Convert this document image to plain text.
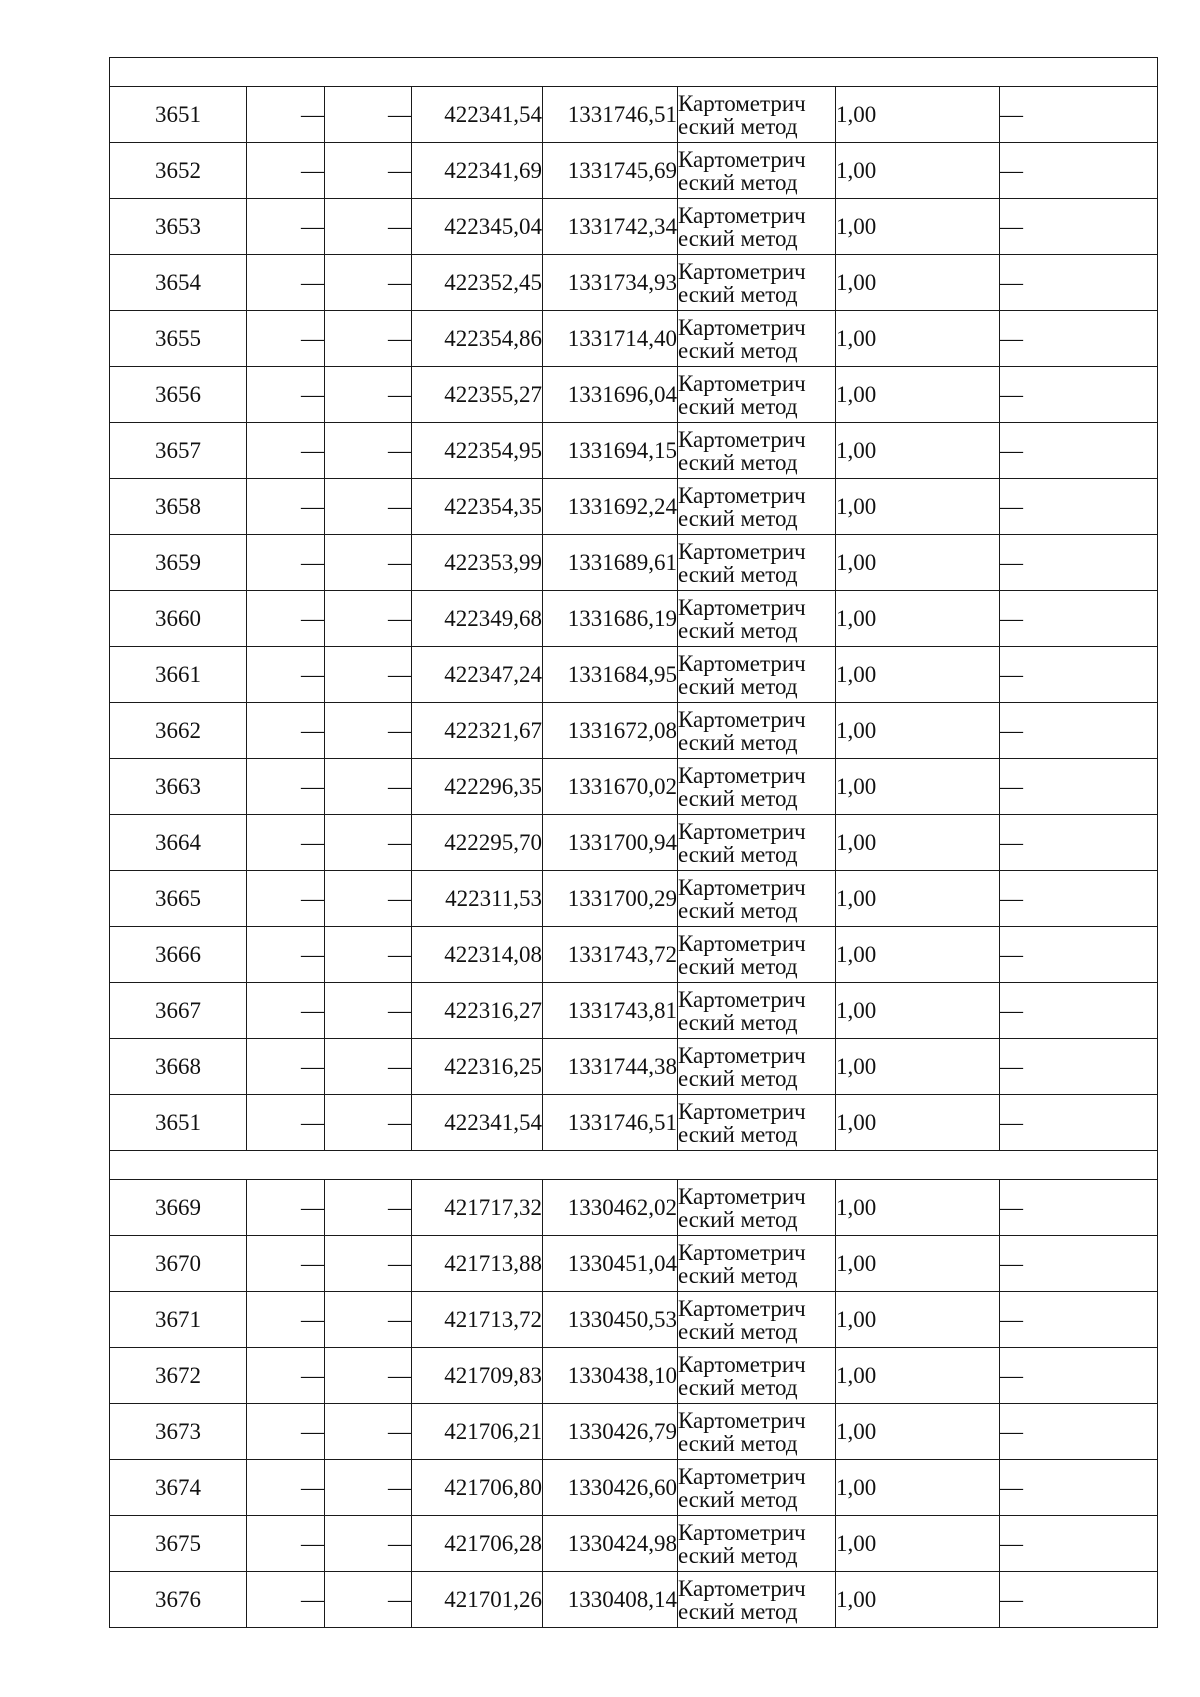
3651	—	—	422341,54	1331746,51	Картометрич
еский метод	1,00	—
3652	—	—	422341,69	1331745,69	Картометрич
еский метод	1,00	—
3653	—	—	422345,04	1331742,34	Картометрич
еский метод	1,00	—
3654	—	—	422352,45	1331734,93	Картометрич
еский метод	1,00	—
3655	—	—	422354,86	1331714,40	Картометрич
еский метод	1,00	—
3656	—	—	422355,27	1331696,04	Картометрич
еский метод	1,00	—
3657	—	—	422354,95	1331694,15	Картометрич
еский метод	1,00	—
3658	—	—	422354,35	1331692,24	Картометрич
еский метод	1,00	—
3659	—	—	422353,99	1331689,61	Картометрич
еский метод	1,00	—
3660	—	—	422349,68	1331686,19	Картометрич
еский метод	1,00	—
3661	—	—	422347,24	1331684,95	Картометрич
еский метод	1,00	—
3662	—	—	422321,67	1331672,08	Картометрич
еский метод	1,00	—
3663	—	—	422296,35	1331670,02	Картометрич
еский метод	1,00	—
3664	—	—	422295,70	1331700,94	Картометрич
еский метод	1,00	—
3665	—	—	422311,53	1331700,29	Картометрич
еский метод	1,00	—
3666	—	—	422314,08	1331743,72	Картометрич
еский метод	1,00	—
3667	—	—	422316,27	1331743,81	Картометрич
еский метод	1,00	—
3668	—	—	422316,25	1331744,38	Картометрич
еский метод	1,00	—
3651	—	—	422341,54	1331746,51	Картометрич
еский метод	1,00	—

3669	—	—	421717,32	1330462,02	Картометрич
еский метод	1,00	—
3670	—	—	421713,88	1330451,04	Картометрич
еский метод	1,00	—
3671	—	—	421713,72	1330450,53	Картометрич
еский метод	1,00	—
3672	—	—	421709,83	1330438,10	Картометрич
еский метод	1,00	—
3673	—	—	421706,21	1330426,79	Картометрич
еский метод	1,00	—
3674	—	—	421706,80	1330426,60	Картометрич
еский метод	1,00	—
3675	—	—	421706,28	1330424,98	Картометрич
еский метод	1,00	—
3676	—	—	421701,26	1330408,14	Картометрич
еский метод	1,00	—
